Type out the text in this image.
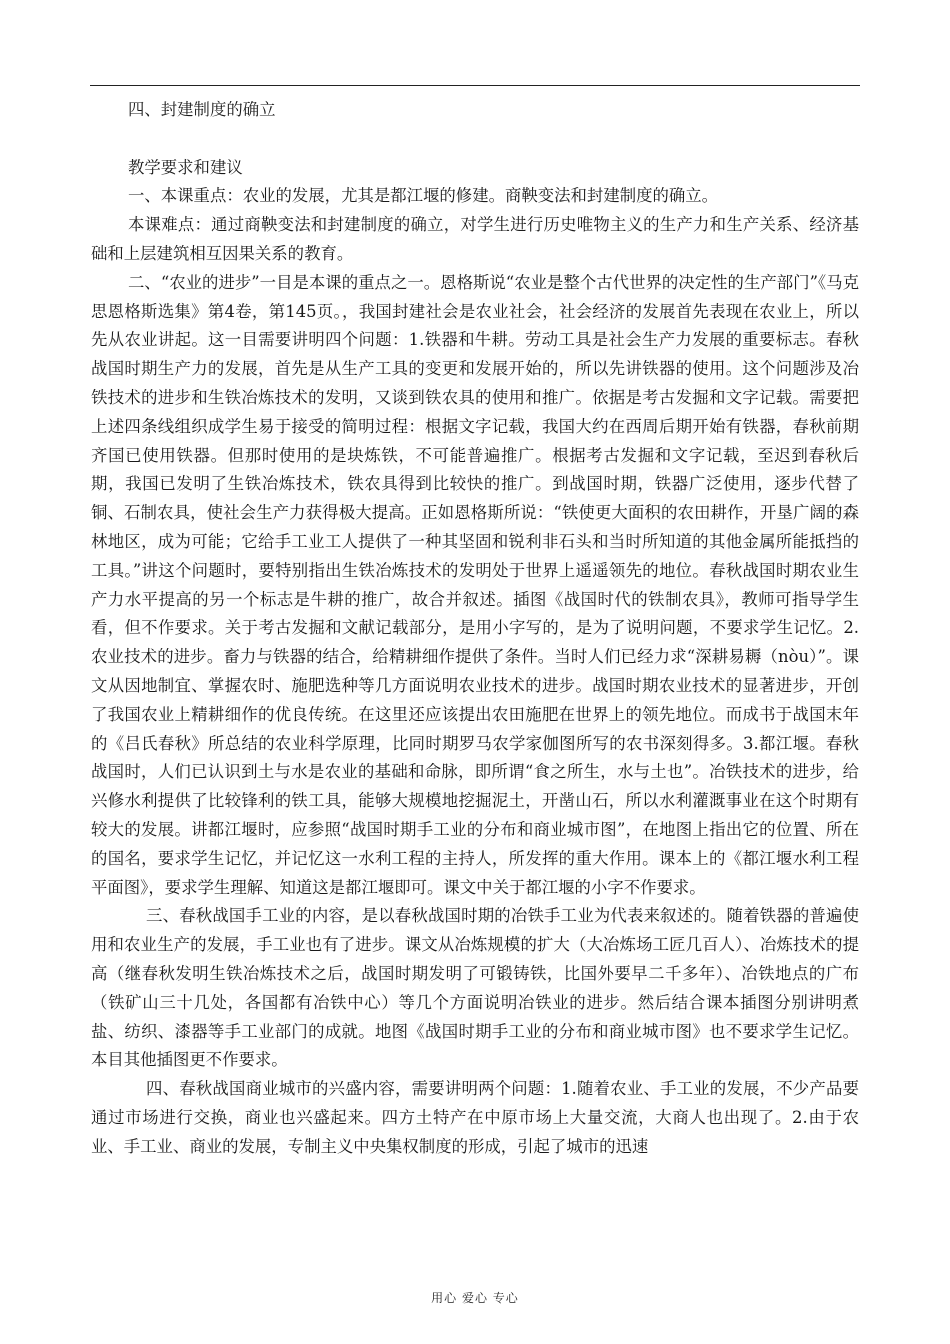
四、封建制度的确立

教学要求和建议

一、本课重点：农业的发展，尤其是都江堰的修建。商鞅变法和封建制度的确立。

本课难点：通过商鞅变法和封建制度的确立，对学生进行历史唯物主义的生产力和生产关系、经济基础和上层建筑相互因果关系的教育。

二、“农业的进步”一目是本课的重点之一。恩格斯说“农业是整个古代世界的决定性的生产部门”《马克思恩格斯选集》第4卷，第145页。，我国封建社会是农业社会，社会经济的发展首先表现在农业上，所以先从农业讲起。这一目需要讲明四个问题：1.铁器和牛耕。劳动工具是社会生产力发展的重要标志。春秋战国时期生产力的发展，首先是从生产工具的变更和发展开始的，所以先讲铁器的使用。这个问题涉及冶铁技术的进步和生铁冶炼技术的发明，又谈到铁农具的使用和推广。依据是考古发掘和文字记载。需要把上述四条线组织成学生易于接受的简明过程：根据文字记载，我国大约在西周后期开始有铁器，春秋前期齐国已使用铁器。但那时使用的是块炼铁，不可能普遍推广。根据考古发掘和文字记载，至迟到春秋后期，我国已发明了生铁冶炼技术，铁农具得到比较快的推广。到战国时期，铁器广泛使用，逐步代替了铜、石制农具，使社会生产力获得极大提高。正如恩格斯所说：“铁使更大面积的农田耕作，开垦广阔的森林地区，成为可能；它给手工业工人提供了一种其坚固和锐利非石头和当时所知道的其他金属所能抵挡的工具。”讲这个问题时，要特别指出生铁冶炼技术的发明处于世界上遥遥领先的地位。春秋战国时期农业生产力水平提高的另一个标志是牛耕的推广，故合并叙述。插图《战国时代的铁制农具》，教师可指导学生看，但不作要求。关于考古发掘和文献记载部分，是用小字写的，是为了说明问题，不要求学生记忆。2.农业技术的进步。畜力与铁器的结合，给精耕细作提供了条件。当时人们已经力求“深耕易耨（nòu）”。课文从因地制宜、掌握农时、施肥选种等几方面说明农业技术的进步。战国时期农业技术的显著进步，开创了我国农业上精耕细作的优良传统。在这里还应该提出农田施肥在世界上的领先地位。而成书于战国末年的《吕氏春秋》所总结的农业科学原理，比同时期罗马农学家伽图所写的农书深刻得多。3.都江堰。春秋战国时，人们已认识到土与水是农业的基础和命脉，即所谓“食之所生，水与土也”。冶铁技术的进步，给兴修水利提供了比较锋利的铁工具，能够大规模地挖掘泥土，开凿山石，所以水利灌溉事业在这个时期有较大的发展。讲都江堰时，应参照“战国时期手工业的分布和商业城市图”，在地图上指出它的位置、所在的国名，要求学生记忆，并记忆这一水利工程的主持人，所发挥的重大作用。课本上的《都江堰水利工程平面图》，要求学生理解、知道这是都江堰即可。课文中关于都江堰的小字不作要求。

三、春秋战国手工业的内容，是以春秋战国时期的冶铁手工业为代表来叙述的。随着铁器的普遍使用和农业生产的发展，手工业也有了进步。课文从冶炼规模的扩大（大冶炼场工匠几百人）、冶炼技术的提高（继春秋发明生铁冶炼技术之后，战国时期发明了可锻铸铁，比国外要早二千多年）、冶铁地点的广布（铁矿山三十几处，各国都有冶铁中心）等几个方面说明冶铁业的进步。然后结合课本插图分别讲明煮盐、纺织、漆器等手工业部门的成就。地图《战国时期手工业的分布和商业城市图》也不要求学生记忆。本目其他插图更不作要求。

四、春秋战国商业城市的兴盛内容，需要讲明两个问题：1.随着农业、手工业的发展，不少产品要通过市场进行交换，商业也兴盛起来。四方土特产在中原市场上大量交流，大商人也出现了。2.由于农业、手工业、商业的发展，专制主义中央集权制度的形成，引起了城市的迅速

用心 爱心 专心
